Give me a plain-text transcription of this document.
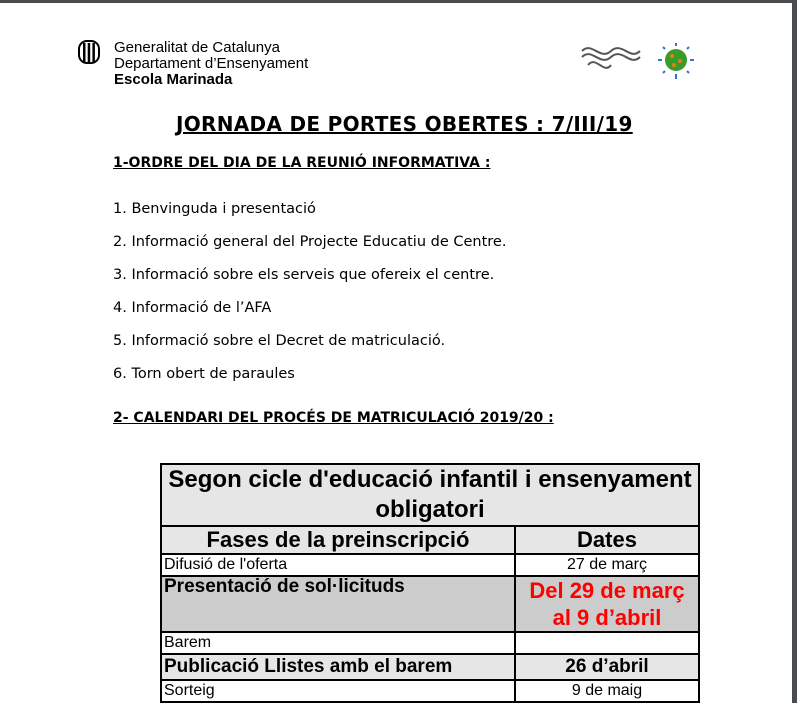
Generalitat de Catalunya
Departament d’Ensenyament
Escola Marinada
JORNADA DE PORTES OBERTES : 7/III/19
1-ORDRE DEL DIA DE LA REUNIÓ INFORMATIVA :
1. Benvinguda i presentació
2. Informació general del Projecte Educatiu de Centre.
3. Informació sobre els serveis que ofereix el centre.
4. Informació de l’AFA
5. Informació sobre el Decret de matriculació.
6. Torn obert de paraules
2- CALENDARI DEL PROCÉS DE MATRICULACIÓ 2019/20 :
Segon cicle d'educació infantil i ensenyament obligatori	
Fases de la preinscripció	Dates
Difusió de l'oferta	27 de març
Presentació de sol·licituds	Del 29 de març al 9 d’abril
Barem	
Publicació Llistes amb el barem	26 d’abril
Sorteig	9 de maig
